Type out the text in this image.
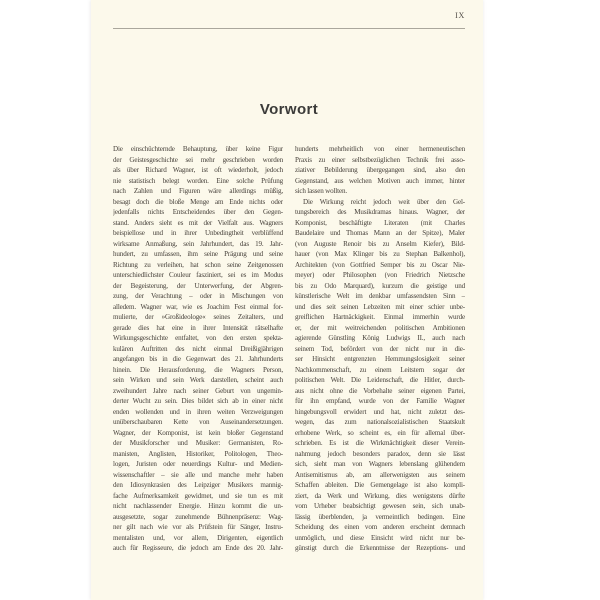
IX
Vorwort
Die einschüchternde Behauptung, über keine Figur
der Geistesgeschichte sei mehr geschrieben worden
als über Richard Wagner, ist oft wiederholt, jedoch
nie statistisch belegt worden. Eine solche Prüfung
nach Zahlen und Figuren wäre allerdings müßig,
besagt doch die bloße Menge am Ende nichts oder
jedenfalls nichts Entscheidendes über den Gegen-
stand. Anders sieht es mit der Vielfalt aus. Wagners
beispiellose und in ihrer Unbedingtheit verblüffend
wirksame Anmaßung, sein Jahrhundert, das 19. Jahr-
hundert, zu umfassen, ihm seine Prägung und seine
Richtung zu verleihen, hat schon seine Zeitgenossen
unterschiedlichster Couleur fasziniert, sei es im Modus
der Begeisterung, der Unterwerfung, der Abgren-
zung, der Verachtung – oder in Mischungen von
alledem. Wagner war, wie es Joachim Fest einmal for-
mulierte, der »Großideologe« seines Zeitalters, und
gerade dies hat eine in ihrer Intensität rätselhafte
Wirkungsgeschichte entfaltet, von den ersten spekta-
kulären Auftritten des nicht einmal Dreißigjährigen
angefangen bis in die Gegenwart des 21. Jahrhunderts
hinein. Die Herausforderung, die Wagners Person,
sein Wirken und sein Werk darstellen, scheint auch
zweihundert Jahre nach seiner Geburt von ungemin-
derter Wucht zu sein. Dies bildet sich ab in einer nicht
enden wollenden und in ihren weiten Verzweigungen
unüberschaubaren Kette von Auseinandersetzungen.
Wagner, der Komponist, ist kein bloßer Gegenstand
der Musikforscher und Musiker: Germanisten, Ro-
manisten, Anglisten, Historiker, Politologen, Theo-
logen, Juristen oder neuerdings Kultur- und Medien-
wissenschaftler – sie alle und manche mehr haben
den Idiosynkrasien des Leipziger Musikers mannig-
fache Aufmerksamkeit gewidmet, und sie tun es mit
nicht nachlassender Energie. Hinzu kommt die un-
ausgesetzte, sogar zunehmende Bühnenpräsenz: Wag-
ner gilt nach wie vor als Prüfstein für Sänger, Instru-
mentalisten und, vor allem, Dirigenten, eigentlich
auch für Regisseure, die jedoch am Ende des 20. Jahr-
hunderts mehrheitlich von einer hermeneutischen
Praxis zu einer selbstbezüglichen Technik frei asso-
ziativer Bebilderung übergegangen sind, also den
Gegenstand, aus welchen Motiven auch immer, hinter
sich lassen wollten.
Die Wirkung reicht jedoch weit über den Gel-
tungsbereich des Musikdramas hinaus. Wagner, der
Komponist, beschäftigte Literaten (mit Charles
Baudelaire und Thomas Mann an der Spitze), Maler
(von Auguste Renoir bis zu Anselm Kiefer), Bild-
hauer (von Max Klinger bis zu Stephan Balkenhol),
Architekten (von Gottfried Semper bis zu Oscar Nie-
meyer) oder Philosophen (von Friedrich Nietzsche
bis zu Odo Marquard), kurzum die geistige und
künstlerische Welt im denkbar umfassendsten Sinn –
und dies seit seinen Lebzeiten mit einer schier unbe-
greiflichen Hartnäckigkeit. Einmal immerhin wurde
er, der mit weitreichenden politischen Ambitionen
agierende Günstling König Ludwigs II., auch nach
seinem Tod, befördert von der nicht nur in die-
ser Hinsicht entgrenzten Hemmungslosigkeit seiner
Nachkommenschaft, zu einem Leitstern sogar der
politischen Welt. Die Leidenschaft, die Hitler, durch-
aus nicht ohne die Vorbehalte seiner eigenen Partei,
für ihn empfand, wurde von der Familie Wagner
hingebungsvoll erwidert und hat, nicht zuletzt des-
wegen, das zum nationalsozialistischen Staatskult
erhobene Werk, so scheint es, ein für allemal über-
schrieben. Es ist die Wirkmächtigkeit dieser Verein-
nahmung jedoch besonders paradox, denn sie lässt
sich, sieht man von Wagners lebenslang glühendem
Antisemitismus ab, am allerwenigsten aus seinem
Schaffen ableiten. Die Gemengelage ist also kompli-
ziert, da Werk und Wirkung, dies wenigstens dürfte
vom Urheber beabsichtigt gewesen sein, sich unab-
lässig überblenden, ja vermeintlich bedingen. Eine
Scheidung des einen vom anderen erscheint demnach
unmöglich, und diese Einsicht wird nicht nur be-
günstigt durch die Erkenntnisse der Rezeptions- und
